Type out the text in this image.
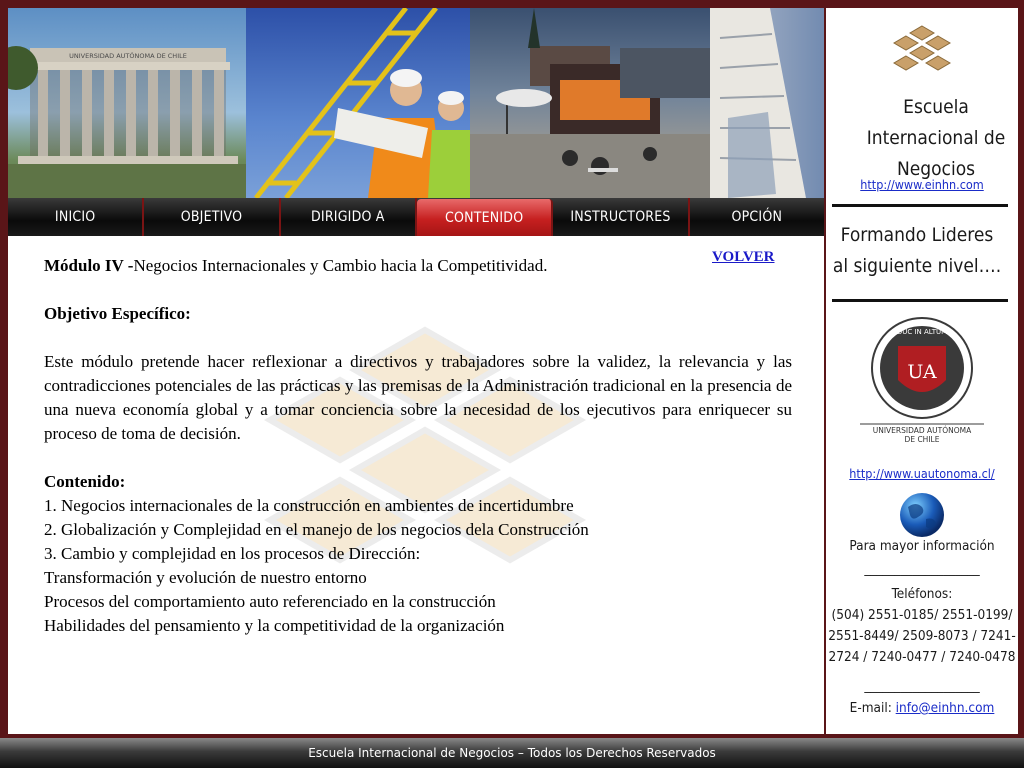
UNIVERSIDAD AUTÓNOMA DE CHILE
INICIO	OBJETIVO	DIRIGIDO A	CONTENIDO	INSTRUCTORES	OPCIÓN
VOLVER

Módulo IV -Negocios Internacionales y Cambio hacia la Competitividad.

Objetivo Específico:

Este módulo pretende hacer reflexionar a directivos y trabajadores sobre la validez, la relevancia y las contradicciones potenciales de las prácticas y las premisas de la Administración tradicional en la presencia de una nueva economía global y a tomar conciencia sobre la necesidad de los ejecutivos para enriquecer su proceso de toma de decisión.

Contenido:

1. Negocios internacionales de la construcción en ambientes de incertidumbre

2. Globalización y Complejidad en el manejo de los negocios dela Construcción

3. Cambio y complejidad en los procesos de Dirección:

Transformación y evolución de nuestro entorno

Procesos del comportamiento auto referenciado en la construcción

Habilidades del pensamiento y la competitividad de la organización

Escuela Internacional de Negocios
http://www.einhn.com
Formando Lideres
al siguiente nivel….
DUC IN ALTUM
UA
UNIVERSIDAD AUTÓNOMA
DE CHILE
http://www.uautonoma.cl/
Para mayor información
___________________
Teléfonos:
(504) 2551-0185/ 2551-0199/
2551-8449/ 2509-8073 / 7241-
2724 / 7240-0477 / 7240-0478
___________________
E-mail: info@einhn.com
Escuela Internacional de Negocios – Todos los Derechos Reservados
